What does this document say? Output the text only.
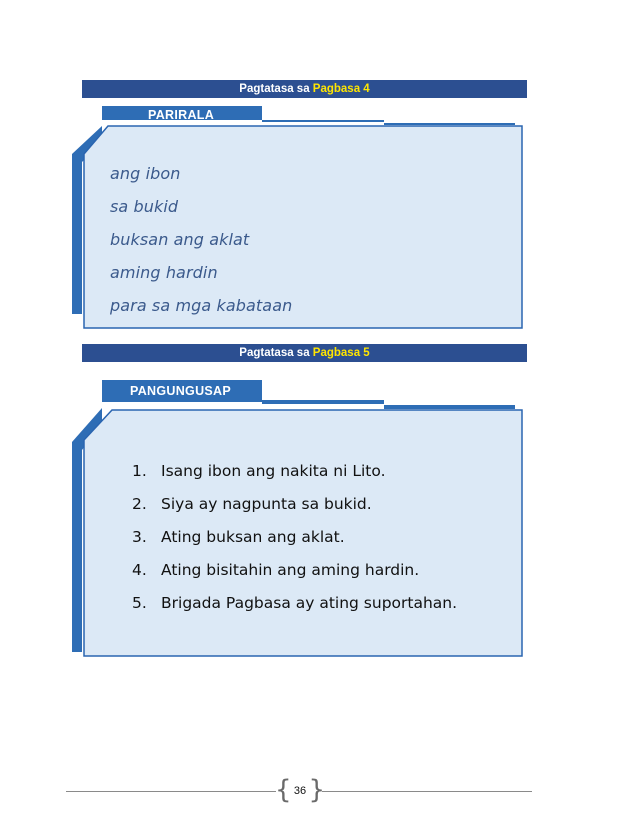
Pagtatasa sa Pagbasa 4
PARIRALA
ang ibon
sa bukid
buksan ang aklat
aming hardin
para sa mga kabataan
Pagtatasa sa Pagbasa 5
PANGUNGUSAP
1. Isang ibon ang nakita ni Lito.
2. Siya ay nagpunta sa bukid.
3. Ating buksan ang aklat.
4. Ating bisitahin ang aming hardin.
5. Brigada Pagbasa ay ating suportahan.
{ 36 }
